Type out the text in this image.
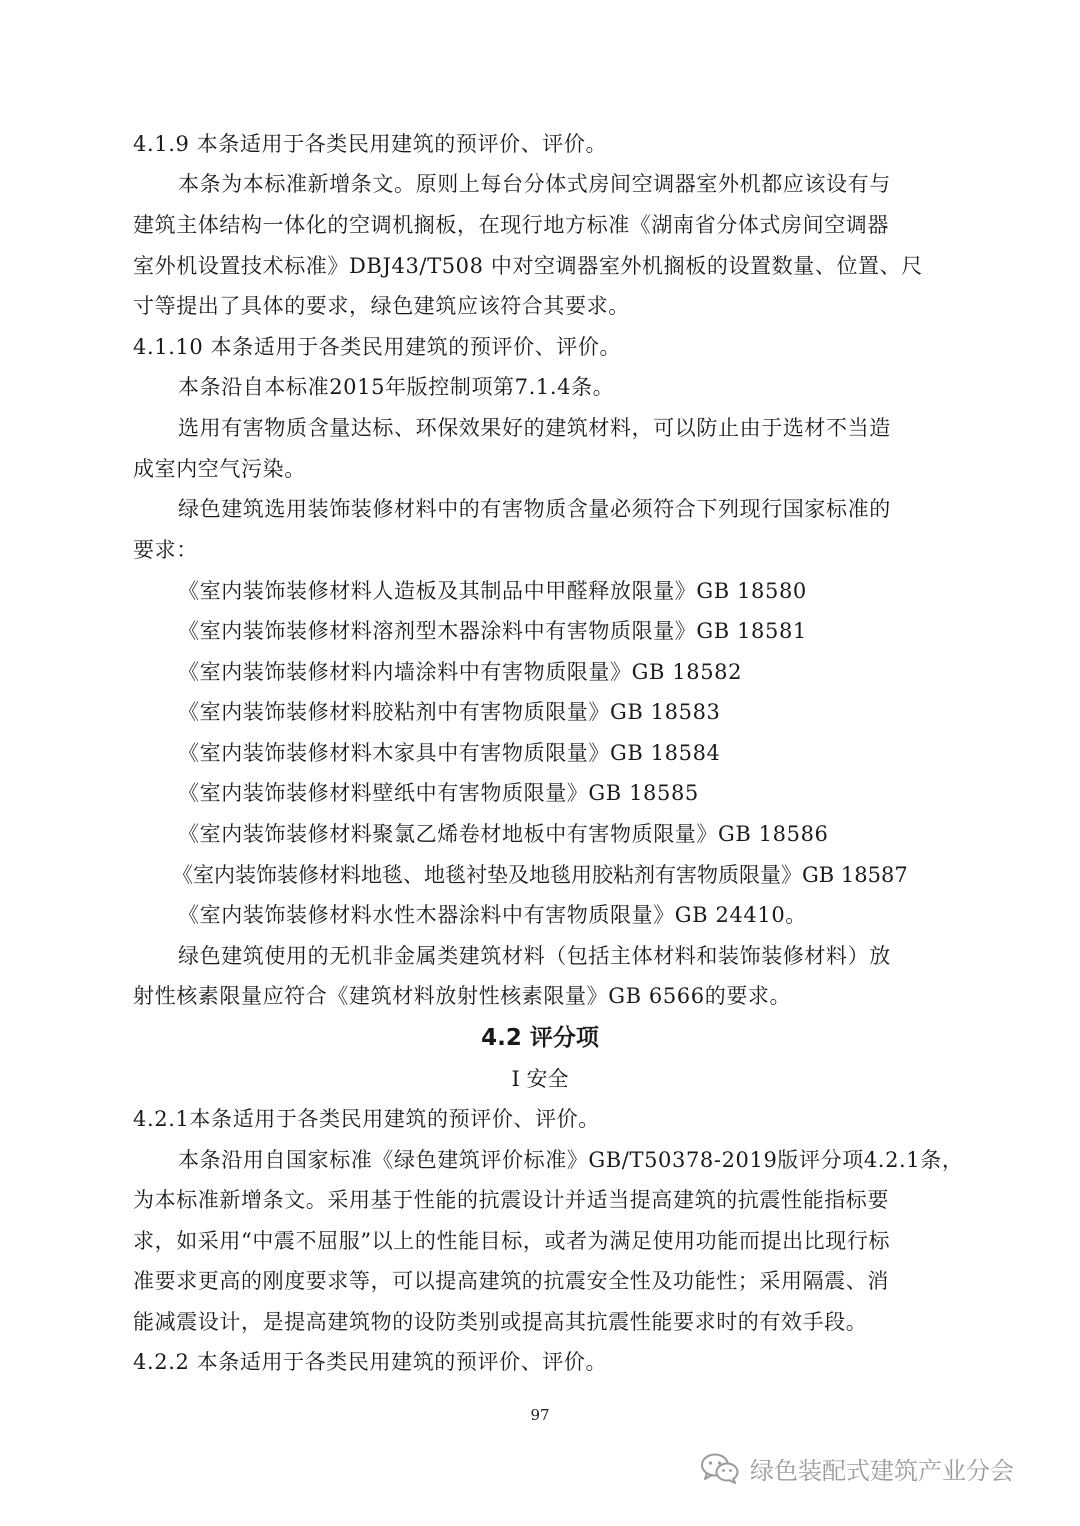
4.1.9 本条适用于各类民用建筑的预评价、评价。
本条为本标准新增条文。原则上每台分体式房间空调器室外机都应该设有与
建筑主体结构一体化的空调机搁板，在现行地方标准《湖南省分体式房间空调器
室外机设置技术标准》DBJ43/T508 中对空调器室外机搁板的设置数量、位置、尺
寸等提出了具体的要求，绿色建筑应该符合其要求。
4.1.10 本条适用于各类民用建筑的预评价、评价。
本条沿自本标准2015年版控制项第7.1.4条。
选用有害物质含量达标、环保效果好的建筑材料，可以防止由于选材不当造
成室内空气污染。
绿色建筑选用装饰装修材料中的有害物质含量必须符合下列现行国家标准的
要求：
《室内装饰装修材料人造板及其制品中甲醛释放限量》GB 18580
《室内装饰装修材料溶剂型木器涂料中有害物质限量》GB 18581
《室内装饰装修材料内墙涂料中有害物质限量》GB 18582
《室内装饰装修材料胶粘剂中有害物质限量》GB 18583
《室内装饰装修材料木家具中有害物质限量》GB 18584
《室内装饰装修材料壁纸中有害物质限量》GB 18585
《室内装饰装修材料聚氯乙烯卷材地板中有害物质限量》GB 18586
《室内装饰装修材料地毯、地毯衬垫及地毯用胶粘剂有害物质限量》GB 18587
《室内装饰装修材料水性木器涂料中有害物质限量》GB 24410。
绿色建筑使用的无机非金属类建筑材料（包括主体材料和装饰装修材料）放
射性核素限量应符合《建筑材料放射性核素限量》GB 6566的要求。
4.2 评分项
Ⅰ 安全
4.2.1本条适用于各类民用建筑的预评价、评价。
本条沿用自国家标准《绿色建筑评价标准》GB/T50378-2019版评分项4.2.1条，
为本标准新增条文。采用基于性能的抗震设计并适当提高建筑的抗震性能指标要
求，如采用“中震不屈服”以上的性能目标，或者为满足使用功能而提出比现行标
准要求更高的刚度要求等，可以提高建筑的抗震安全性及功能性；采用隔震、消
能减震设计，是提高建筑物的设防类别或提高其抗震性能要求时的有效手段。
4.2.2 本条适用于各类民用建筑的预评价、评价。
97
绿色装配式建筑产业分会
